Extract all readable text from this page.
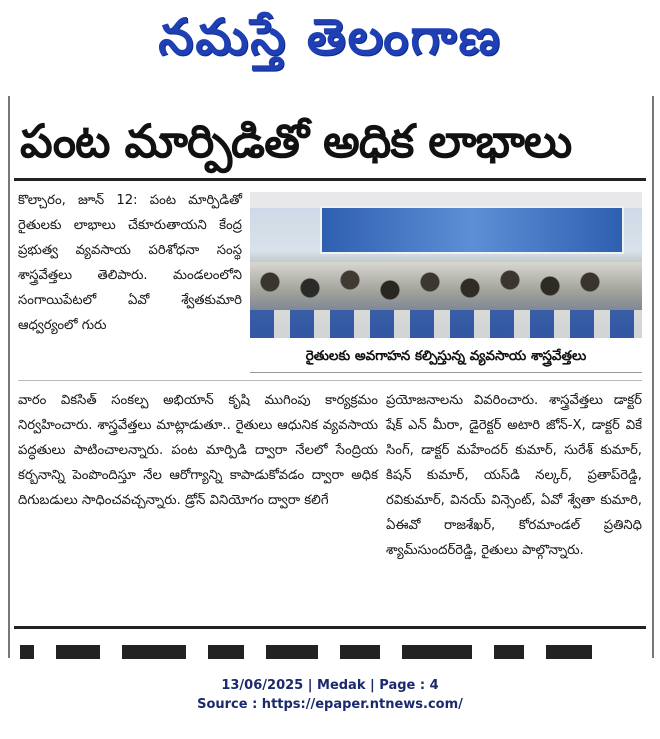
నమస్తే తెలంగాణ
పంట మార్పిడితో అధిక లాభాలు

కొల్చారం, జూన్ 12: పంట మార్పిడితో రైతులకు లాభాలు చేకూరుతాయని కేంద్ర ప్రభుత్వ వ్యవసాయ పరిశోధనా సంస్థ శాస్త్రవేత్తలు తెలిపారు. మండలంలోని సంగాయిపేటలో ఏవో శ్వేతకుమారి ఆధ్వర్యంలో గురు

రైతులకు అవగాహన కల్పిస్తున్న వ్యవసాయ శాస్త్రవేత్తలు

వారం వికసిత్ సంకల్ప అభియాన్ కృషి ముగింపు కార్యక్రమం నిర్వహించారు. శాస్త్రవేత్తలు మాట్లాడుతూ.. రైతులు ఆధునిక వ్యవసాయ పద్ధతులు పాటించాలన్నారు. పంట మార్పిడి ద్వారా నేలలో సేంద్రియ కర్బనాన్ని పెంపొందిస్తూ నేల ఆరోగ్యాన్ని కాపాడుకోవడం ద్వారా అధిక దిగుబడులు సాధించవచ్చన్నారు. డ్రోన్ వినియోగం ద్వారా కలిగే

ప్రయోజనాలను వివరించారు. శాస్త్రవేత్తలు డాక్టర్ షేక్ ఎన్ మీరా, డైరెక్టర్ అటారి జోన్-X, డాక్టర్ వికే సింగ్, డాక్టర్ మహేందర్ కుమార్, సురేశ్ కుమార్, కిషన్ కుమార్, యస్‌డి నల్కర్, ప్రతాప్‌రెడ్డి, రవికుమార్, వినయ్ విన్సెంట్, ఏవో శ్వేతా కుమారి, ఏఈవో రాజశేఖర్, కోరమాండల్ ప్రతినిధి శ్యామ్‌సుందర్‌రెడ్డి, రైతులు పాల్గొన్నారు.

13/06/2025 | Medak | Page : 4
Source : https://epaper.ntnews.com/
